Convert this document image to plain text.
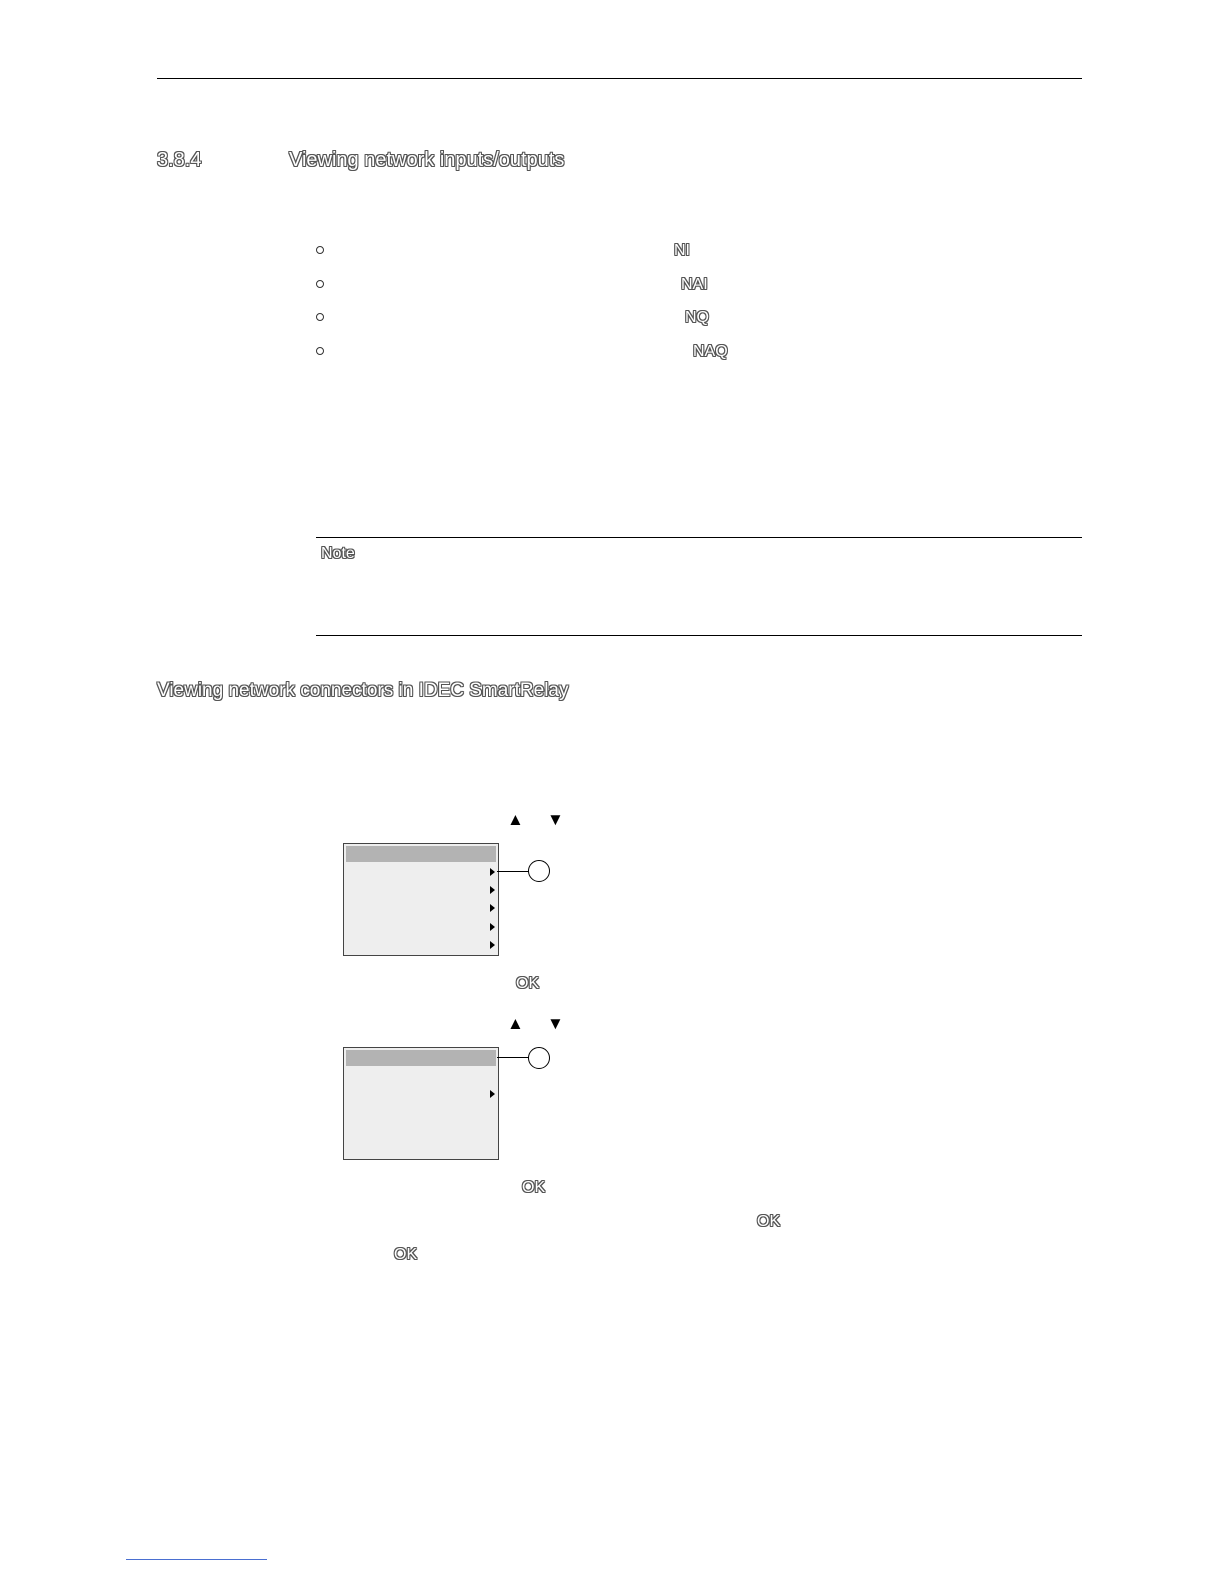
3.8.4	Viewing network inputs/outputs
NI
NAI
NQ
NAQ
Note
Viewing network connectors in IDEC SmartRelay
▲ ▼
OK
▲ ▼
OK
OK
OK
